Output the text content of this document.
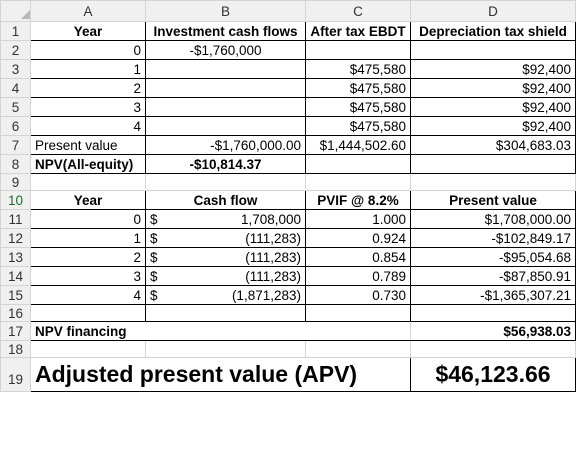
	A	B	C	D
1	Year	Investment cash flows	After tax EBDT	Depreciation tax shield
2	0	-$1,760,000		
3	1		$475,580	$92,400
4	2		$475,580	$92,400
5	3		$475,580	$92,400
6	4		$475,580	$92,400
7	Present value	-$1,760,000.00	$1,444,502.60	$304,683.03
8	NPV(All-equity)	-$10,814.37		
9				
10	Year	Cash flow	PVIF @ 8.2%	Present value
11	0	$ 1,708,000	1.000	$1,708,000.00
12	1	$ (111,283)	0.924	-$102,849.17
13	2	$ (111,283)	0.854	-$95,054.68
14	3	$ (111,283)	0.789	-$87,850.91
15	4	$ (1,871,283)	0.730	-$1,365,307.21
16				
17	NPV financing			$56,938.03
18				
19	Adjusted present value (APV)			$46,123.66
